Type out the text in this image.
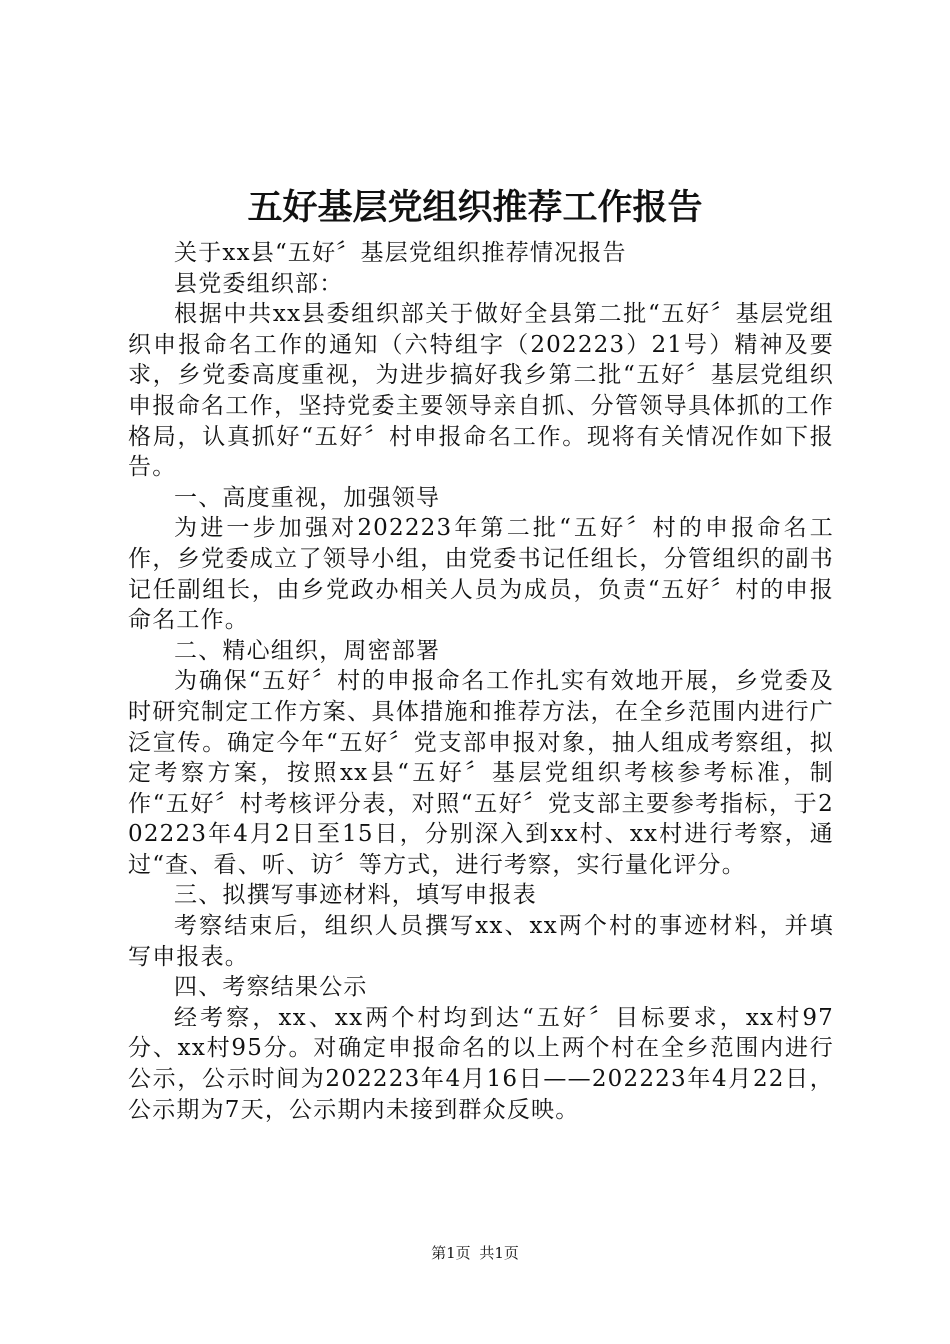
五好基层党组织推荐工作报告

关于xx县“五好〞基层党组织推荐情况报告

县党委组织部：

根据中共xx县委组织部关于做好全县第二批“五好〞基层党组织申报命名工作的通知（六特组字（202223）21号）精神及要求，乡党委高度重视，为进步搞好我乡第二批“五好〞基层党组织申报命名工作，坚持党委主要领导亲自抓、分管领导具体抓的工作格局，认真抓好“五好〞村申报命名工作。现将有关情况作如下报告。

一、高度重视，加强领导

为进一步加强对202223年第二批“五好〞村的申报命名工作，乡党委成立了领导小组，由党委书记任组长，分管组织的副书记任副组长，由乡党政办相关人员为成员，负责“五好〞村的申报命名工作。

二、精心组织，周密部署

为确保“五好〞村的申报命名工作扎实有效地开展，乡党委及时研究制定工作方案、具体措施和推荐方法，在全乡范围内进行广泛宣传。确定今年“五好〞党支部申报对象，抽人组成考察组，拟定考察方案，按照xx县“五好〞基层党组织考核参考标准，制作“五好〞村考核评分表，对照“五好〞党支部主要参考指标，于202223年4月2日至15日，分别深入到xx村、xx村进行考察，通过“查、看、听、访〞等方式，进行考察，实行量化评分。

三、拟撰写事迹材料，填写申报表

考察结束后，组织人员撰写xx、xx两个村的事迹材料，并填写申报表。

四、考察结果公示

经考察，xx、xx两个村均到达“五好〞目标要求，xx村97分、xx村95分。对确定申报命名的以上两个村在全乡范围内进行公示，公示时间为202223年4月16日——202223年4月22日，公示期为7天，公示期内未接到群众反映。

第1页 共1页
